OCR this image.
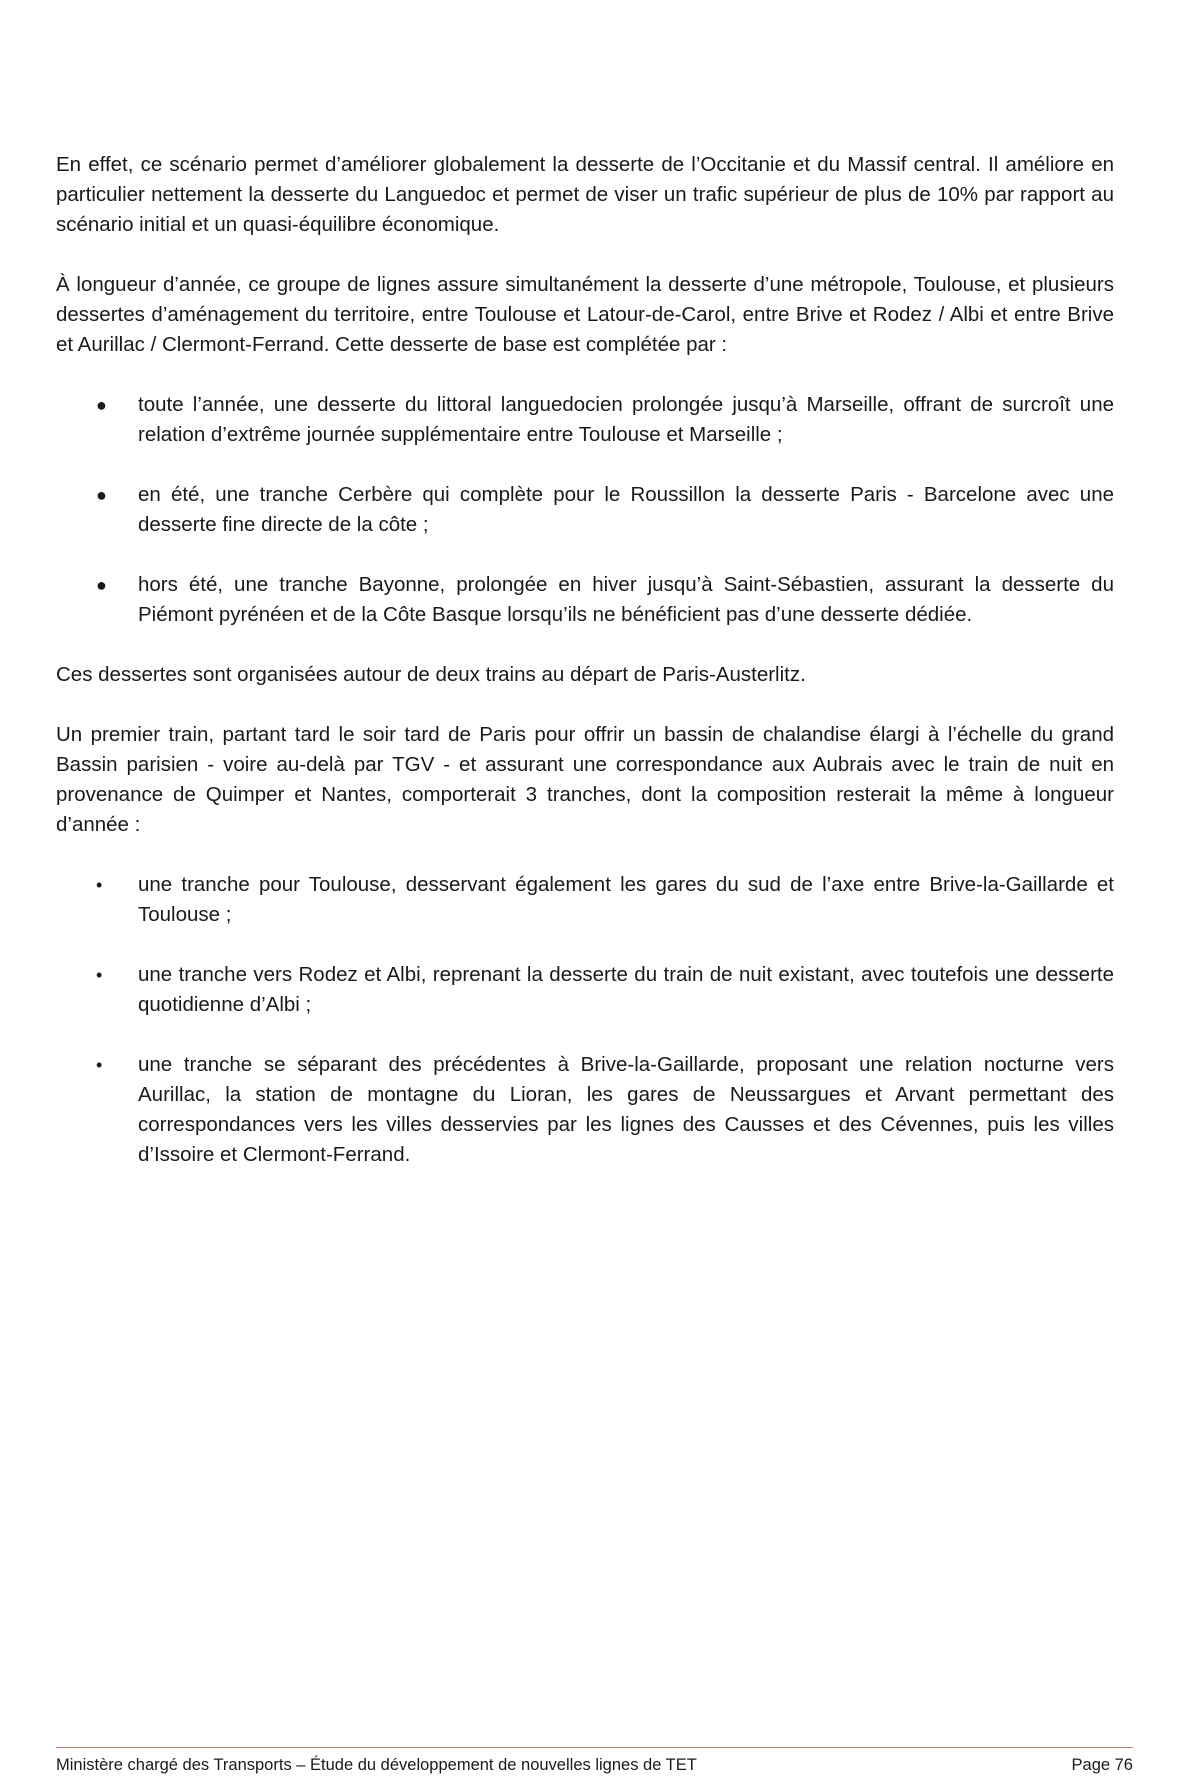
En effet, ce scénario permet d’améliorer globalement la desserte de l’Occitanie et du Massif central. Il améliore en particulier nettement la desserte du Languedoc et permet de viser un trafic supérieur de plus de 10% par rapport au scénario initial et un quasi-équilibre économique.

À longueur d’année, ce groupe de lignes assure simultanément la desserte d’une métropole, Toulouse, et plusieurs dessertes d’aménagement du territoire, entre Toulouse et Latour-de-Carol, entre Brive et Rodez / Albi et entre Brive et Aurillac / Clermont-Ferrand. Cette desserte de base est complétée par :

● toute l’année, une desserte du littoral languedocien prolongée jusqu’à Marseille, offrant de surcroît une relation d’extrême journée supplémentaire entre Toulouse et Marseille ;
● en été, une tranche Cerbère qui complète pour le Roussillon la desserte Paris - Barcelone avec une desserte fine directe de la côte ;
● hors été, une tranche Bayonne, prolongée en hiver jusqu’à Saint-Sébastien, assurant la desserte du Piémont pyrénéen et de la Côte Basque lorsqu’ils ne bénéficient pas d’une desserte dédiée.

Ces dessertes sont organisées autour de deux trains au départ de Paris-Austerlitz.

Un premier train, partant tard le soir tard de Paris pour offrir un bassin de chalandise élargi à l’échelle du grand Bassin parisien - voire au-delà par TGV - et assurant une correspondance aux Aubrais avec le train de nuit en provenance de Quimper et Nantes, comporterait 3 tranches, dont la composition resterait la même à longueur d’année :

• une tranche pour Toulouse, desservant également les gares du sud de l’axe entre Brive-la-Gaillarde et Toulouse ;
• une tranche vers Rodez et Albi, reprenant la desserte du train de nuit existant, avec toutefois une desserte quotidienne d’Albi ;
• une tranche se séparant des précédentes à Brive-la-Gaillarde, proposant une relation nocturne vers Aurillac, la station de montagne du Lioran, les gares de Neussargues et Arvant permettant des correspondances vers les villes desservies par les lignes des Causses et des Cévennes, puis les villes d’Issoire et Clermont-Ferrand.
Ministère chargé des Transports – Étude du développement de nouvelles lignes de TET	Page 76
